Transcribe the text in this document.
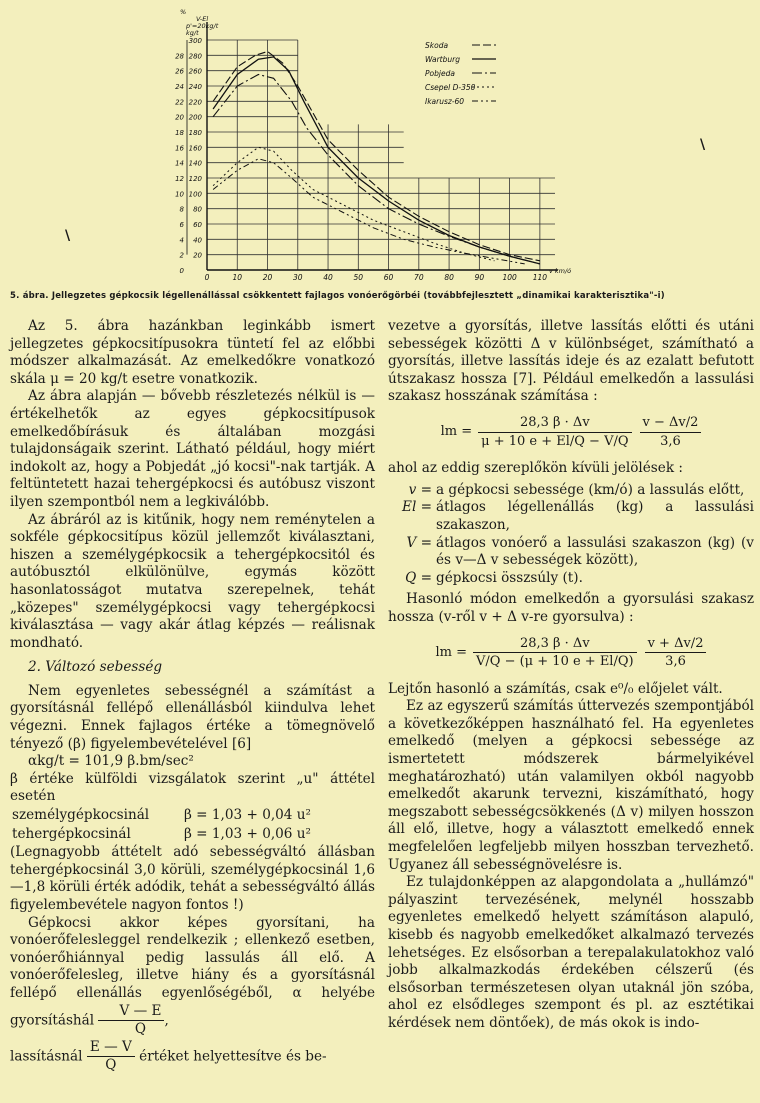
0	10	20	30	40	50	60	70	80	90 100 110
v km/ó
0
2
4
6
8
10
12
14
16
18
20
22
24
26
28
20
40
60
80
100
120
140
160
180
200
220
240
260
280
300
%
V-El
p'=20kg/t
kg/t
Skoda
Wartburg
Pobjeda
Csepel D-350
Ikarusz-60
5. ábra. Jellegzetes gépkocsik légellenállással csökkentett fajlagos vonóerőgörbéi (továbbfejlesztett „dinamikai karakterisztika"-i)
\
\

Az 5. ábra hazánkban leginkább ismert jellegzetes gépkocsitípusokra tüntetí fel az előbbi módszer alkalmazását. Az emelkedőkre vonatkozó skála μ = 20 kg/t esetre vonatkozik.

Az ábra alapján — bővebb részletezés nélkül is — értékelhetők az egyes gépkocsitípusok emelkedőbírásuk és általában mozgási tulajdonságaik szerint. Látható például, hogy miért indokolt az, hogy a Pobjedát „jó kocsi"-nak tartják. A feltüntetett hazai tehergépkocsi és autóbusz viszont ilyen szempontból nem a legkiválóbb.

Az ábráról az is kitűnik, hogy nem reménytelen a sokféle gépkocsitípus közül jellemzőt kiválasztani, hiszen a személygépkocsik a tehergépkocsitól és autóbusztól elkülönülve, egymás között hasonlatosságot mutatva szerepelnek, tehát „közepes" személygépkocsi vagy tehergépkocsi kiválasztása — vagy akár átlag képzés — reálisnak mondható.

2. Változó sebesség

Nem egyenletes sebességnél a számítást a gyorsításnál fellépő ellenállásból kiindulva lehet végezni. Ennek fajlagos értéke a tömegnövelő tényező (β) figyelembevételével [6]

αkg/t = 101,9 β.bm/sec²

β értéke külföldi vizsgálatok szerint „u" áttétel esetén

személygépkocsinál	β = 1,03 + 0,04 u²
tehergépkocsinál	β = 1,03 + 0,06 u²

(Legnagyobb áttételt adó sebességváltó állásban tehergépkocsinál 3,0 körüli, személygépkocsinál 1,6—1,8 körüli érték adódik, tehát a sebességváltó állás figyelembevétele nagyon fontos !)

Gépkocsi akkor képes gyorsítani, ha vonóerőfelesleggel rendelkezik ; ellenkező esetben, vonóerőhiánnyal pedig lassulás áll elő. A vonóerőfelesleg, illetve hiány és a gyorsításnál fellépő ellenállás egyenlőségéből, α helyébe gyorsításhál $\frac{V — E}{Q}$ ,

lassításnál $\frac{E — V}{Q}$ értéket helyettesítve és be-

vezetve a gyorsítás, illetve lassítás előtti és utáni sebességek közötti Δ v különbséget, számítható a gyorsítás, illetve lassítás ideje és az ezalatt befutott útszakasz hossza [7]. Például emelkedőn a lassulási szakasz hosszának számítása :

lm = $\frac{28,3 \beta \cdot \Delta v}{\mu + 10 e + El/Q - V/Q} \frac{v - \Delta v/2}{3,6}$

ahol az eddig szereplőkön kívüli jelölések :

v = a gépkocsi sebessége (km/ó) a lassulás előtt,
El = átlagos légellenállás (kg) a lassulási szakaszon,
V = átlagos vonóerő a lassulási szakaszon (kg) (v és v—Δ v sebességek között),
Q = gépkocsi összsúly (t).

Hasonló módon emelkedőn a gyorsulási szakasz hossza (v-ről v + Δ v-re gyorsulva) :

lm = $\frac{28,3 \beta \cdot \Delta v}{V/Q - (\mu + 10 e + El/Q)} \frac{v + \Delta v/2}{3,6}$

Lejtőn hasonló a számítás, csak e⁰/₀ előjelet vált.

Ez az egyszerű számítás úttervezés szempontjából a következőképpen használható fel. Ha egyenletes emelkedő (melyen a gépkocsi sebessége az ismertetett módszerek bármelyikével meghatározható) után valamilyen okból nagyobb emelkedőt akarunk tervezni, kiszámítható, hogy megszabott sebességcsökkenés (Δ v) milyen hosszon áll elő, illetve, hogy a választott emelkedő ennek megfelelően legfeljebb milyen hosszban tervezhető. Ugyanez áll sebességnövelésre is.

Ez tulajdonképpen az alapgondolata a „hullámzó" pályaszint tervezésének, melynél hosszabb egyenletes emelkedő helyett számításon alapuló, kisebb és nagyobb emelkedőket alkalmazó tervezés lehetséges. Ez elsősorban a terepalakulatokhoz való jobb alkalmazkodás érdekében célszerű (és elsősorban természetesen olyan utaknál jön szóba, ahol ez elsődleges szempont és pl. az esztétikai kérdések nem döntőek), de más okok is indo-
